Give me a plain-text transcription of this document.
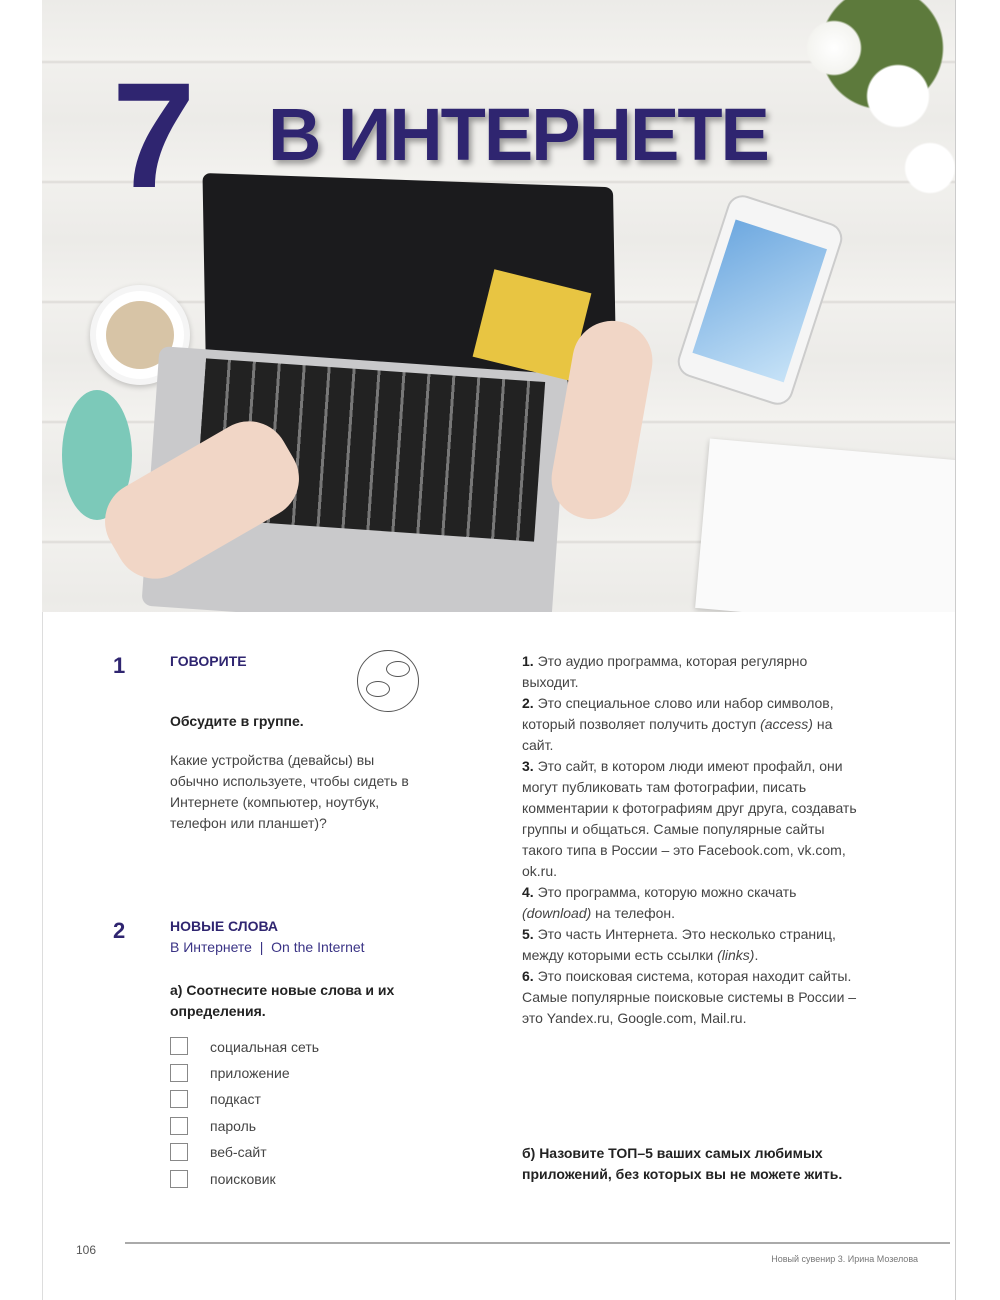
7 В ИНТЕРНЕТЕ
1	ГОВОРИТЕ
Обсудите в группе.
Какие устройства (девайсы) вы обычно используете, чтобы сидеть в Интернете (компьютер, ноутбук, телефон или планшет)?
2	НОВЫЕ СЛОВА
В Интернете | On the Internet
а) Соотнесите новые слова и их определения.
социальная сеть
приложение
подкаст
пароль
веб-сайт
поисковик
1. Это аудио программа, которая регулярно выходит.
2. Это специальное слово или набор символов, который позволяет получить доступ (access) на сайт.
3. Это сайт, в котором люди имеют профайл, они могут публиковать там фотографии, писать комментарии к фотографиям друг друга, создавать группы и общаться. Самые популярные сайты такого типа в России – это Facebook.com, vk.com, ok.ru.
4. Это программа, которую можно скачать (download) на телефон.
5. Это часть Интернета. Это несколько страниц, между которыми есть ссылки (links).
6. Это поисковая система, которая находит сайты. Самые популярные поисковые системы в России – это Yandex.ru, Google.com, Mail.ru.
б) Назовите ТОП–5 ваших самых любимых приложений, без которых вы не можете жить.
106
Новый сувенир 3. Ирина Мозелова
